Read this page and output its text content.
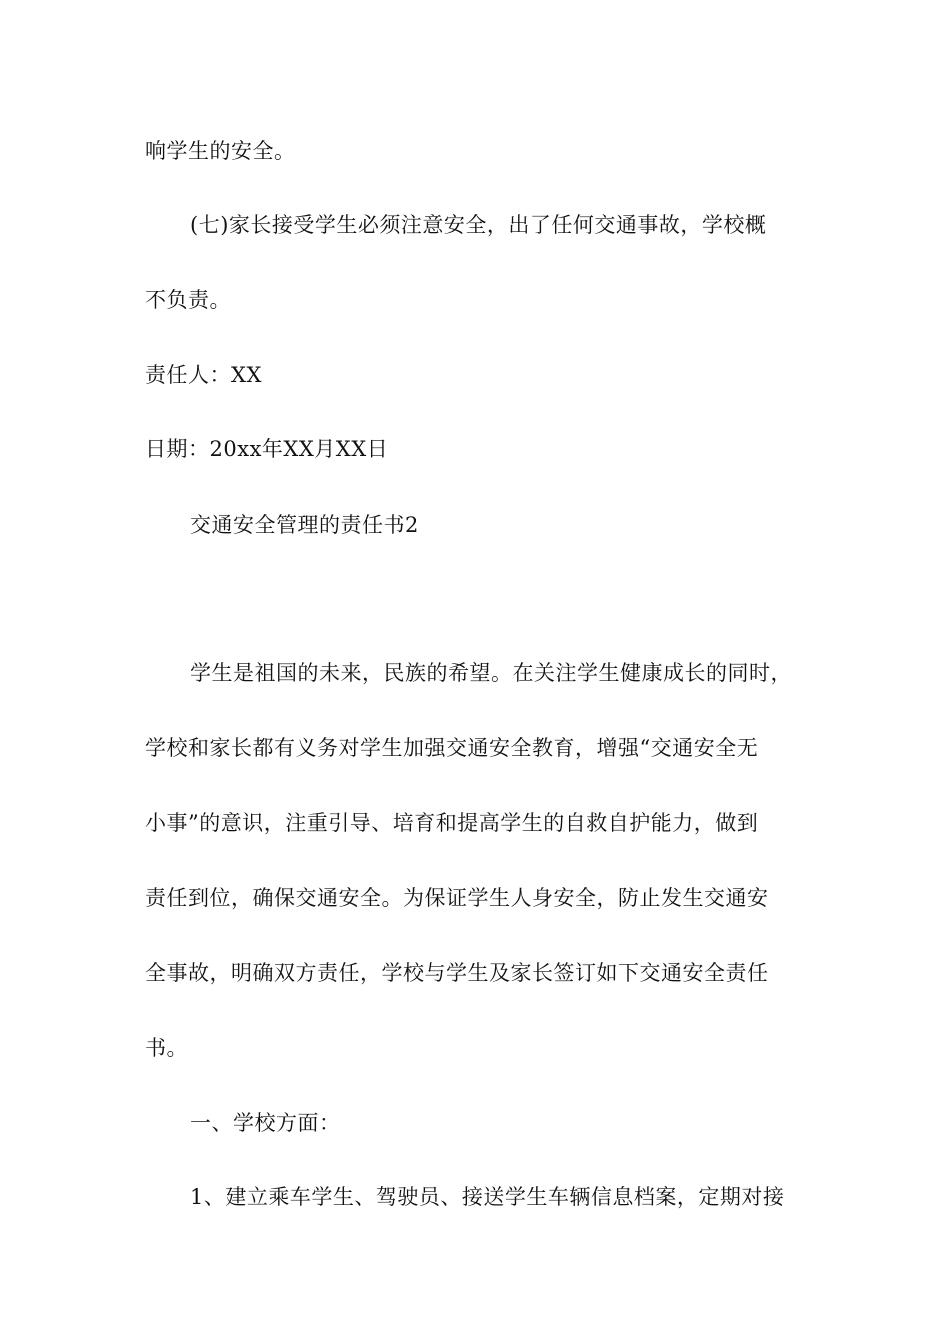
响学生的安全。
(七)家长接受学生必须注意安全，出了任何交通事故，学校概
不负责。
责任人：XX
日期：20xx年XX月XX日
交通安全管理的责任书2
学生是祖国的未来，民族的希望。在关注学生健康成长的同时，
学校和家长都有义务对学生加强交通安全教育，增强“交通安全无
小事”的意识，注重引导、培育和提高学生的自救自护能力，做到
责任到位，确保交通安全。为保证学生人身安全，防止发生交通安
全事故，明确双方责任，学校与学生及家长签订如下交通安全责任
书。
一、学校方面：
1、建立乘车学生、驾驶员、接送学生车辆信息档案，定期对接
